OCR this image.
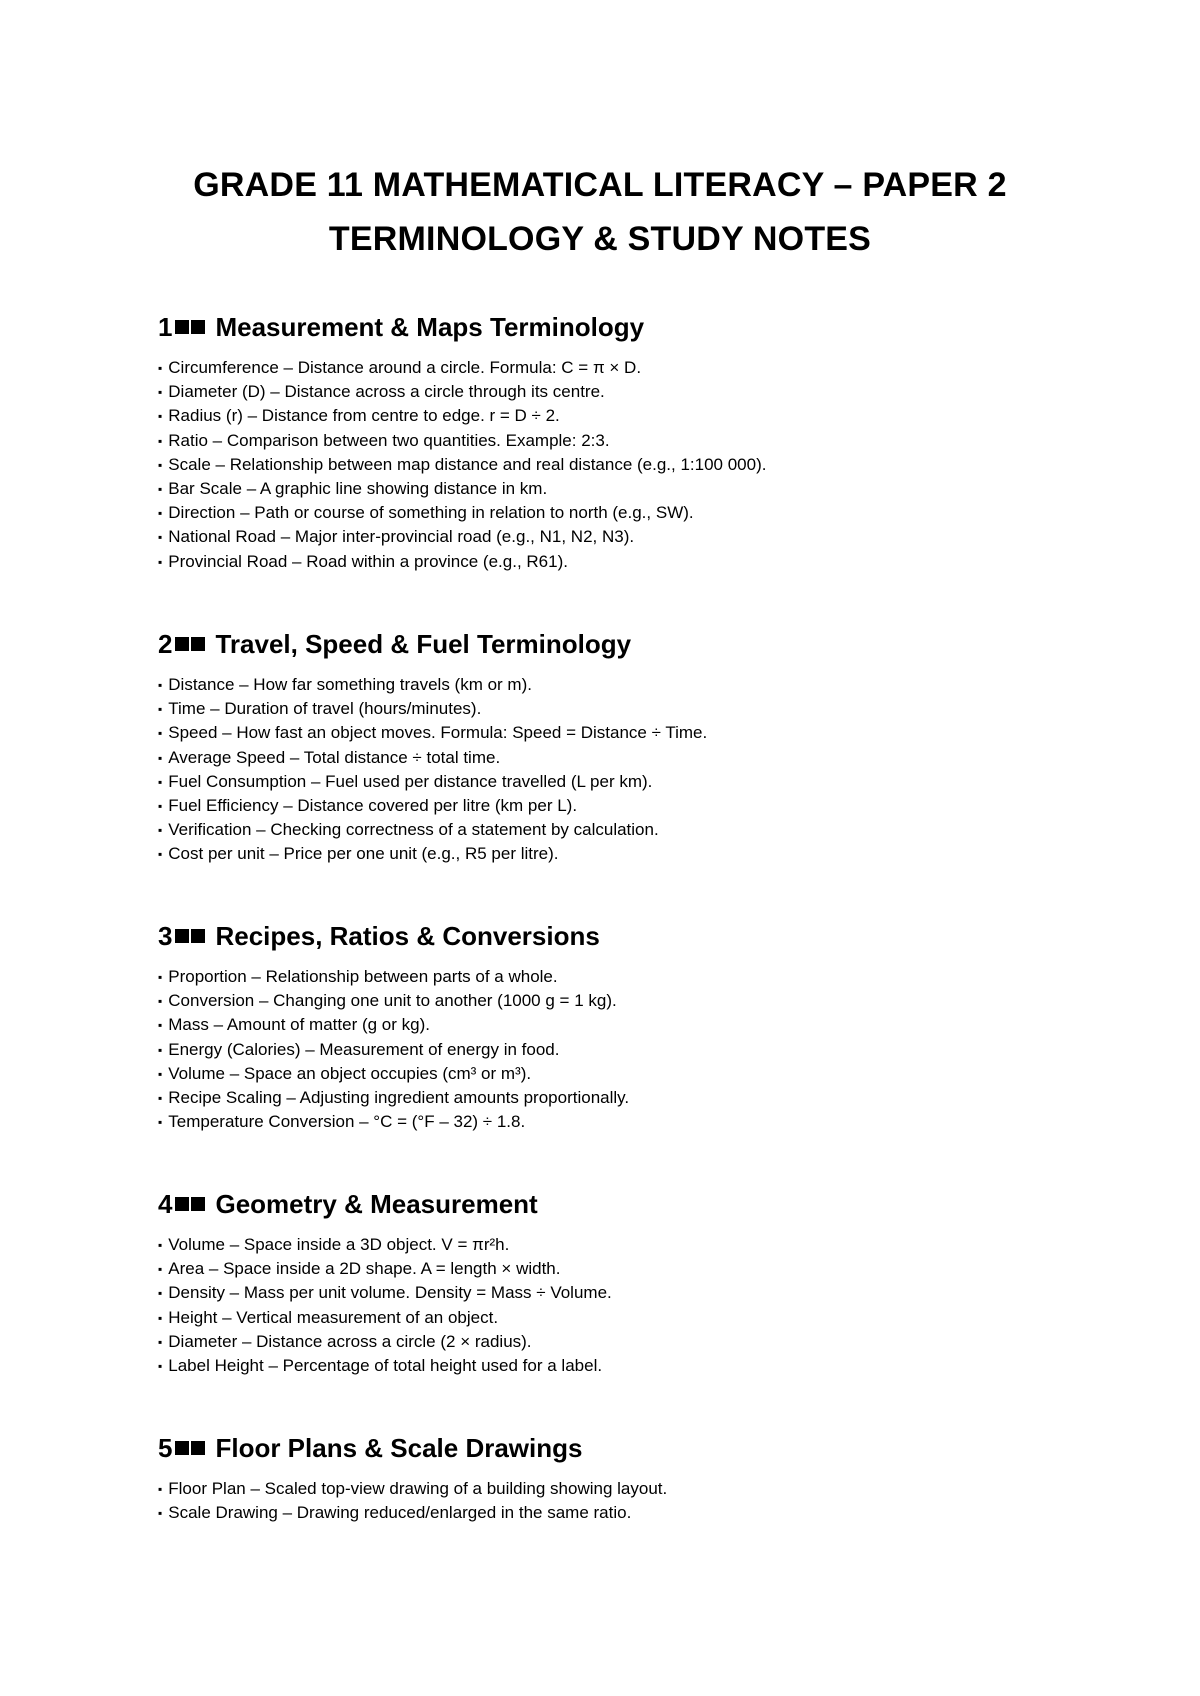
GRADE 11 MATHEMATICAL LITERACY – PAPER 2
TERMINOLOGY & STUDY NOTES
1 Measurement & Maps Terminology
▪ Circumference – Distance around a circle. Formula: C = π × D.
▪ Diameter (D) – Distance across a circle through its centre.
▪ Radius (r) – Distance from centre to edge. r = D ÷ 2.
▪ Ratio – Comparison between two quantities. Example: 2:3.
▪ Scale – Relationship between map distance and real distance (e.g., 1:100 000).
▪ Bar Scale – A graphic line showing distance in km.
▪ Direction – Path or course of something in relation to north (e.g., SW).
▪ National Road – Major inter-provincial road (e.g., N1, N2, N3).
▪ Provincial Road – Road within a province (e.g., R61).
2 Travel, Speed & Fuel Terminology
▪ Distance – How far something travels (km or m).
▪ Time – Duration of travel (hours/minutes).
▪ Speed – How fast an object moves. Formula: Speed = Distance ÷ Time.
▪ Average Speed – Total distance ÷ total time.
▪ Fuel Consumption – Fuel used per distance travelled (L per km).
▪ Fuel Efficiency – Distance covered per litre (km per L).
▪ Verification – Checking correctness of a statement by calculation.
▪ Cost per unit – Price per one unit (e.g., R5 per litre).
3 Recipes, Ratios & Conversions
▪ Proportion – Relationship between parts of a whole.
▪ Conversion – Changing one unit to another (1000 g = 1 kg).
▪ Mass – Amount of matter (g or kg).
▪ Energy (Calories) – Measurement of energy in food.
▪ Volume – Space an object occupies (cm³ or m³).
▪ Recipe Scaling – Adjusting ingredient amounts proportionally.
▪ Temperature Conversion – °C = (°F – 32) ÷ 1.8.
4 Geometry & Measurement
▪ Volume – Space inside a 3D object. V = πr²h.
▪ Area – Space inside a 2D shape. A = length × width.
▪ Density – Mass per unit volume. Density = Mass ÷ Volume.
▪ Height – Vertical measurement of an object.
▪ Diameter – Distance across a circle (2 × radius).
▪ Label Height – Percentage of total height used for a label.
5 Floor Plans & Scale Drawings
▪ Floor Plan – Scaled top-view drawing of a building showing layout.
▪ Scale Drawing – Drawing reduced/enlarged in the same ratio.
